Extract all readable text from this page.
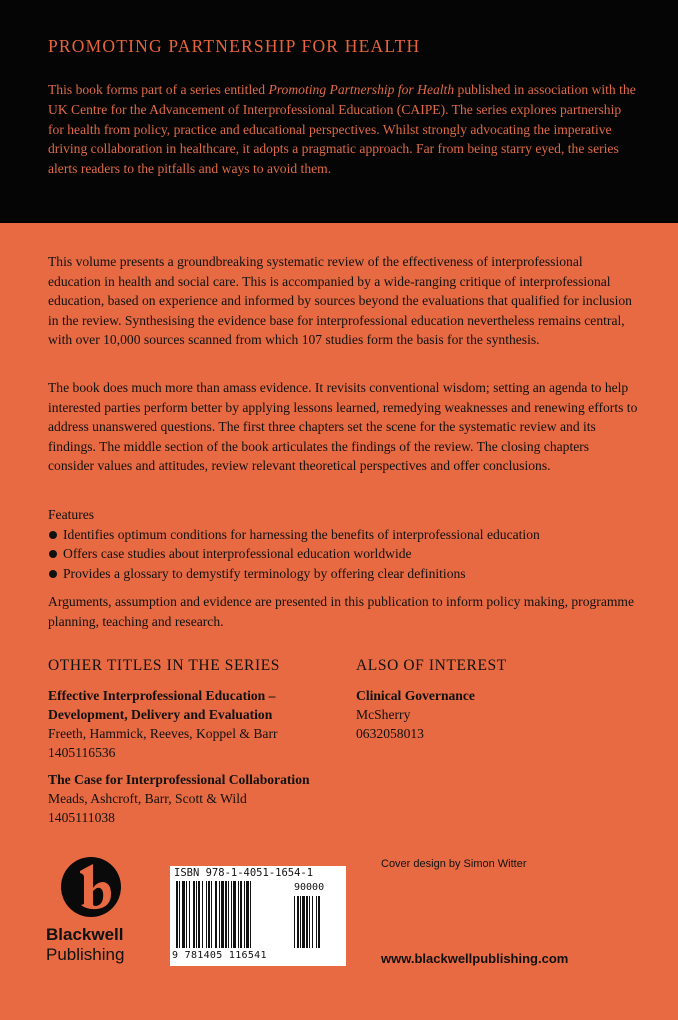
PROMOTING PARTNERSHIP FOR HEALTH

This book forms part of a series entitled Promoting Partnership for Health published in association with the UK Centre for the Advancement of Interprofessional Education (CAIPE). The series explores partnership for health from policy, practice and educational perspectives. Whilst strongly advocating the imperative driving collaboration in healthcare, it adopts a pragmatic approach. Far from being starry eyed, the series alerts readers to the pitfalls and ways to avoid them.

This volume presents a groundbreaking systematic review of the effectiveness of interprofessional education in health and social care. This is accompanied by a wide-ranging critique of interprofessional education, based on experience and informed by sources beyond the evaluations that qualified for inclusion in the review. Synthesising the evidence base for interprofessional education nevertheless remains central, with over 10,000 sources scanned from which 107 studies form the basis for the synthesis.

The book does much more than amass evidence. It revisits conventional wisdom; setting an agenda to help interested parties perform better by applying lessons learned, remedying weaknesses and renewing efforts to address unanswered questions. The first three chapters set the scene for the systematic review and its findings. The middle section of the book articulates the findings of the review. The closing chapters consider values and attitudes, review relevant theoretical perspectives and offer conclusions.

Features
Identifies optimum conditions for harnessing the benefits of interprofessional education
Offers case studies about interprofessional education worldwide
Provides a glossary to demystify terminology by offering clear definitions

Arguments, assumption and evidence are presented in this publication to inform policy making, programme planning, teaching and research.

OTHER TITLES IN THE SERIES
Effective Interprofessional Education – Development, Delivery and Evaluation
Freeth, Hammick, Reeves, Koppel & Barr
1405116536
The Case for Interprofessional Collaboration
Meads, Ashcroft, Barr, Scott & Wild
1405111038
ALSO OF INTEREST
Clinical Governance
McSherry
0632058013
Blackwell
Publishing
ISBN 978-1-4051-1654-1
90000
9 781405 116541
Cover design by Simon Witter
www.blackwellpublishing.com
